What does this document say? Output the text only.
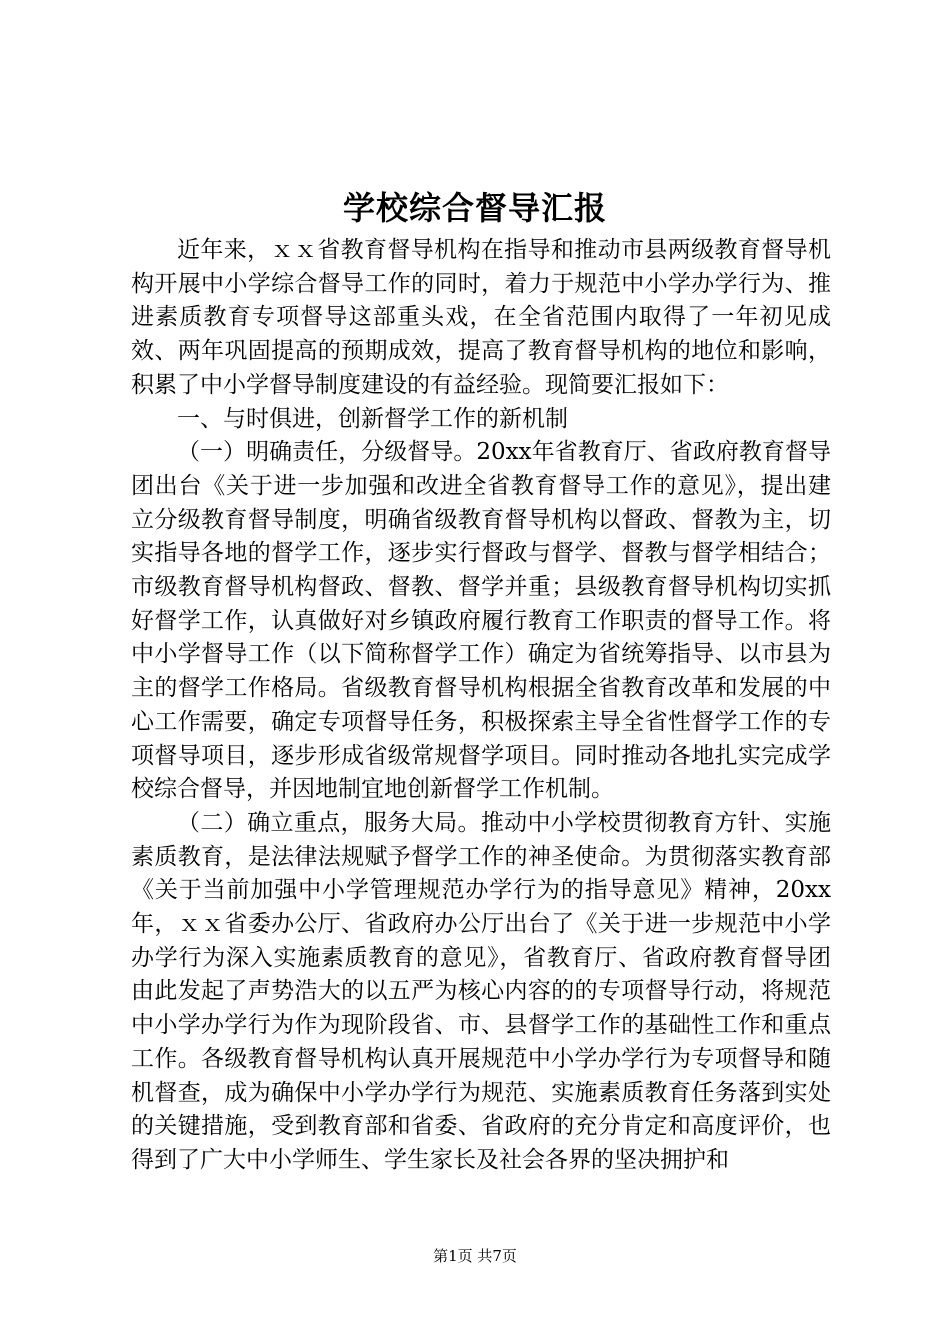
学校综合督导汇报

近年来，ｘｘ省教育督导机构在指导和推动市县两级教育督导机构开展中小学综合督导工作的同时，着力于规范中小学办学行为、推进素质教育专项督导这部重头戏，在全省范围内取得了一年初见成效、两年巩固提高的预期成效，提高了教育督导机构的地位和影响，积累了中小学督导制度建设的有益经验。现简要汇报如下：

一、与时俱进，创新督学工作的新机制

（一）明确责任，分级督导。20xx年省教育厅、省政府教育督导团出台《关于进一步加强和改进全省教育督导工作的意见》，提出建立分级教育督导制度，明确省级教育督导机构以督政、督教为主，切实指导各地的督学工作，逐步实行督政与督学、督教与督学相结合；市级教育督导机构督政、督教、督学并重；县级教育督导机构切实抓好督学工作，认真做好对乡镇政府履行教育工作职责的督导工作。将中小学督导工作（以下简称督学工作）确定为省统筹指导、以市县为主的督学工作格局。省级教育督导机构根据全省教育改革和发展的中心工作需要，确定专项督导任务，积极探索主导全省性督学工作的专项督导项目，逐步形成省级常规督学项目。同时推动各地扎实完成学校综合督导，并因地制宜地创新督学工作机制。

（二）确立重点，服务大局。推动中小学校贯彻教育方针、实施素质教育，是法律法规赋予督学工作的神圣使命。为贯彻落实教育部《关于当前加强中小学管理规范办学行为的指导意见》精神，20xx年，ｘｘ省委办公厅、省政府办公厅出台了《关于进一步规范中小学办学行为深入实施素质教育的意见》，省教育厅、省政府教育督导团由此发起了声势浩大的以五严为核心内容的的专项督导行动，将规范中小学办学行为作为现阶段省、市、县督学工作的基础性工作和重点工作。各级教育督导机构认真开展规范中小学办学行为专项督导和随机督查，成为确保中小学办学行为规范、实施素质教育任务落到实处的关键措施，受到教育部和省委、省政府的充分肯定和高度评价，也得到了广大中小学师生、学生家长及社会各界的坚决拥护和

第1页 共7页
